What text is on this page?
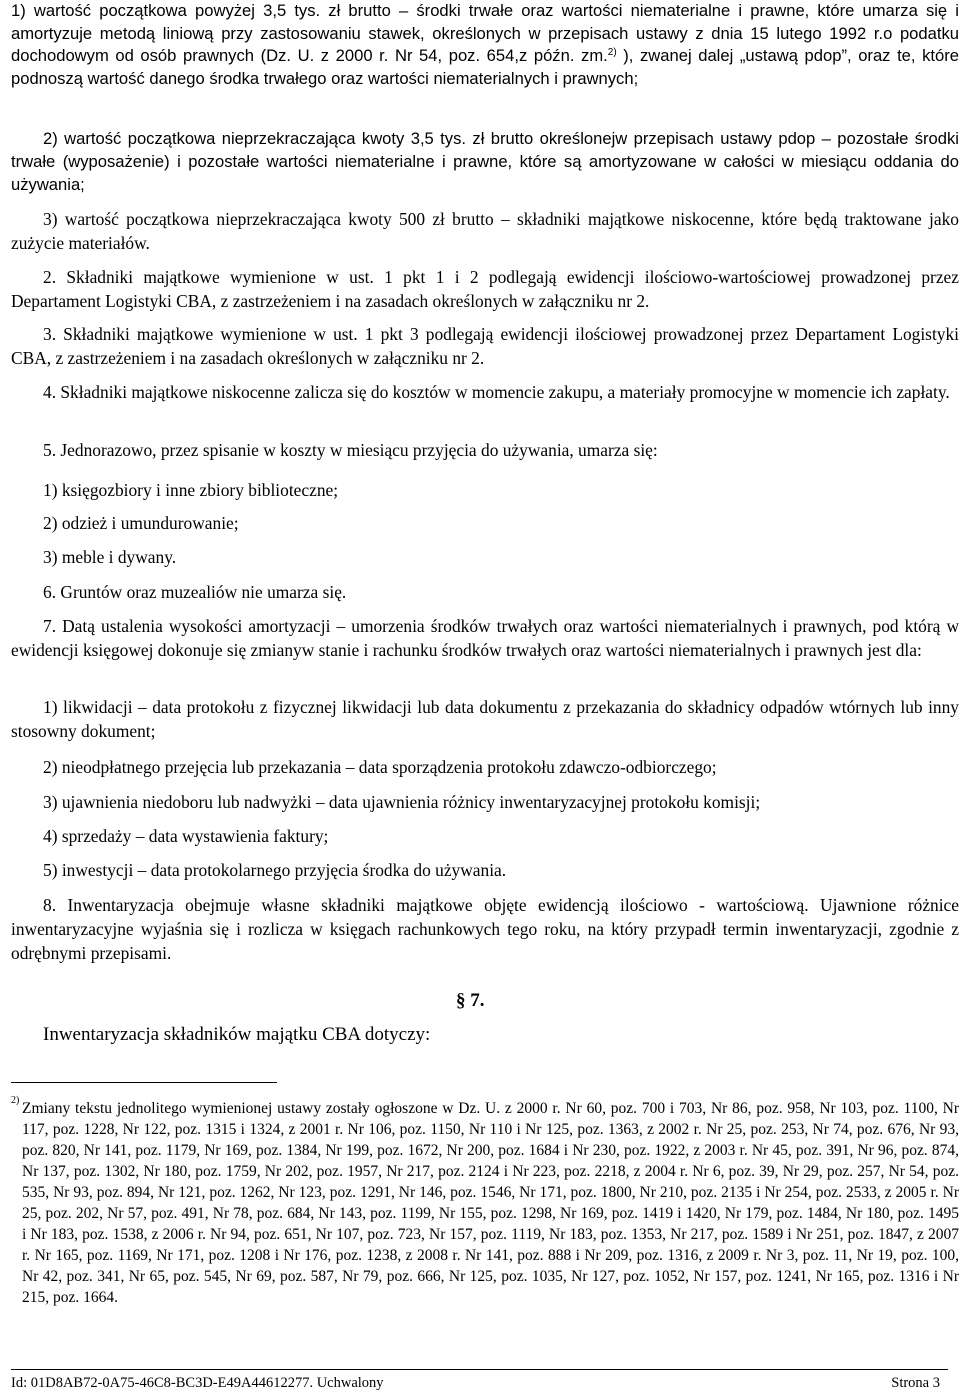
1) wartość początkowa powyżej 3,5 tys. zł brutto – środki trwałe oraz wartości niematerialne i prawne, które umarza się i amortyzuje metodą liniową przy zastosowaniu stawek, określonych w przepisach ustawy z dnia 15 lutego 1992 r.o podatku dochodowym od osób prawnych (Dz. U. z 2000 r. Nr 54, poz. 654,z późn. zm.$^{2)}$ ), zwanej dalej „ustawą pdop”, oraz te, które podnoszą wartość danego środka trwałego oraz wartości niematerialnych i prawnych;

2) wartość początkowa nieprzekraczająca kwoty 3,5 tys. zł brutto określonejw przepisach ustawy pdop – pozostałe środki trwałe (wyposażenie) i pozostałe wartości niematerialne i prawne, które są amortyzowane w całości w miesiącu oddania do używania;

3) wartość początkowa nieprzekraczająca kwoty 500 zł brutto – składniki majątkowe niskocenne, które będą traktowane jako zużycie materiałów.

2. Składniki majątkowe wymienione w ust. 1 pkt 1 i 2 podlegają ewidencji ilościowo-wartościowej prowadzonej przez Departament Logistyki CBA, z zastrzeżeniem i na zasadach określonych w załączniku nr 2.

3. Składniki majątkowe wymienione w ust. 1 pkt 3 podlegają ewidencji ilościowej prowadzonej przez Departament Logistyki CBA, z zastrzeżeniem i na zasadach określonych w załączniku nr 2.

4. Składniki majątkowe niskocenne zalicza się do kosztów w momencie zakupu, a materiały promocyjne w momencie ich zapłaty.

5. Jednorazowo, przez spisanie w koszty w miesiącu przyjęcia do używania, umarza się:

1) księgozbiory i inne zbiory biblioteczne;

2) odzież i umundurowanie;

3) meble i dywany.

6. Gruntów oraz muzealiów nie umarza się.

7. Datą ustalenia wysokości amortyzacji – umorzenia środków trwałych oraz wartości niematerialnych i prawnych, pod którą w ewidencji księgowej dokonuje się zmianyw stanie i rachunku środków trwałych oraz wartości niematerialnych i prawnych jest dla:

1) likwidacji – data protokołu z fizycznej likwidacji lub data dokumentu z przekazania do składnicy odpadów wtórnych lub inny stosowny dokument;

2) nieodpłatnego przejęcia lub przekazania – data sporządzenia protokołu zdawczo-odbiorczego;

3) ujawnienia niedoboru lub nadwyżki – data ujawnienia różnicy inwentaryzacyjnej protokołu komisji;

4) sprzedaży – data wystawienia faktury;

5) inwestycji – data protokolarnego przyjęcia środka do używania.

8. Inwentaryzacja obejmuje własne składniki majątkowe objęte ewidencją ilościowo - wartościową. Ujawnione różnice inwentaryzacyjne wyjaśnia się i rozlicza w księgach rachunkowych tego roku, na który przypadł termin inwentaryzacji, zgodnie z odrębnymi przepisami.

§ 7.
Inwentaryzacja składników majątku CBA dotyczy:
2) Zmiany tekstu jednolitego wymienionej ustawy zostały ogłoszone w Dz. U. z 2000 r. Nr 60, poz. 700 i 703, Nr 86, poz. 958, Nr 103, poz. 1100, Nr 117, poz. 1228, Nr 122, poz. 1315 i 1324, z 2001 r. Nr 106, poz. 1150, Nr 110 i Nr 125, poz. 1363, z 2002 r. Nr 25, poz. 253, Nr 74, poz. 676, Nr 93, poz. 820, Nr 141, poz. 1179, Nr 169, poz. 1384, Nr 199, poz. 1672, Nr 200, poz. 1684 i Nr 230, poz. 1922, z 2003 r. Nr 45, poz. 391, Nr 96, poz. 874, Nr 137, poz. 1302, Nr 180, poz. 1759, Nr 202, poz. 1957, Nr 217, poz. 2124 i Nr 223, poz. 2218, z 2004 r. Nr 6, poz. 39, Nr 29, poz. 257, Nr 54, poz. 535, Nr 93, poz. 894, Nr 121, poz. 1262, Nr 123, poz. 1291, Nr 146, poz. 1546, Nr 171, poz. 1800, Nr 210, poz. 2135 i Nr 254, poz. 2533, z 2005 r. Nr 25, poz. 202, Nr 57, poz. 491, Nr 78, poz. 684, Nr 143, poz. 1199, Nr 155, poz. 1298, Nr 169, poz. 1419 i 1420, Nr 179, poz. 1484, Nr 180, poz. 1495 i Nr 183, poz. 1538, z 2006 r. Nr 94, poz. 651, Nr 107, poz. 723, Nr 157, poz. 1119, Nr 183, poz. 1353, Nr 217, poz. 1589 i Nr 251, poz. 1847, z 2007 r. Nr 165, poz. 1169, Nr 171, poz. 1208 i Nr 176, poz. 1238, z 2008 r. Nr 141, poz. 888 i Nr 209, poz. 1316, z 2009 r. Nr 3, poz. 11, Nr 19, poz. 100, Nr 42, poz. 341, Nr 65, poz. 545, Nr 69, poz. 587, Nr 79, poz. 666, Nr 125, poz. 1035, Nr 127, poz. 1052, Nr 157, poz. 1241, Nr 165, poz. 1316 i Nr 215, poz. 1664.

Id: 01D8AB72-0A75-46C8-BC3D-E49A44612277. Uchwalony	Strona 3
